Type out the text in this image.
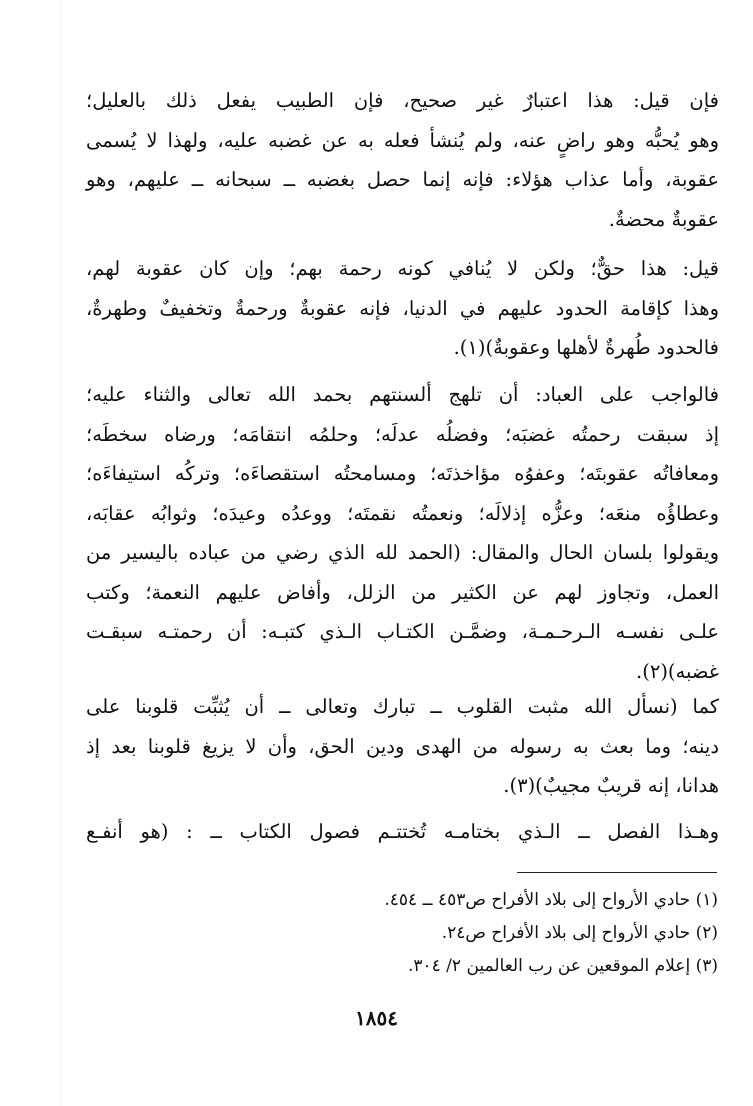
فإن قيل: هذا اعتبارٌ غير صحيح، فإن الطبيب يفعل ذلك بالعليل؛
وهو يُحبُّه وهو راضٍ عنه، ولم يُنشأ فعله به عن غضبه عليه، ولهذا لا يُسمى
عقوبة، وأما عذاب هؤلاء: فإنه إنما حصل بغضبه ــ سبحانه ــ عليهم، وهو
عقوبةٌ محضةٌ.
قيل: هذا حقٌّ؛ ولكن لا يُنافي كونه رحمة بهم؛ وإن كان عقوبة لهم،
وهذا كإقامة الحدود عليهم في الدنيا، فإنه عقوبةٌ ورحمةٌ وتخفيفٌ وطهرةٌ،
فالحدود طُهرةٌ لأهلها وعقوبةٌ)(١).
فالواجب على العباد: أن تلهج ألسنتهم بحمد الله تعالى والثناء عليه؛
إذ سبقت رحمتُه غضبَه؛ وفضلُه عدلَه؛ وحلمُه انتقامَه؛ ورضاه سخطَه؛
ومعافاتُه عقوبتَه؛ وعفوُه مؤاخذتَه؛ ومسامحتُه استقصاءَه؛ وتركُه استيفاءَه؛
وعطاؤُه منعَه؛ وعزُّه إذلالَه؛ ونعمتُه نقمتَه؛ ووعدُه وعيدَه؛ وثوابُه عقابَه،
ويقولوا بلسان الحال والمقال: (الحمد لله الذي رضي من عباده باليسير من
العمل، وتجاوز لهم عن الكثير من الزلل، وأفاض عليهم النعمة؛ وكتب
علـى نفسـه الـرحـمـة، وضمَّـن الكتـاب الـذي كتبـه: أن رحمتـه سبقـت
غضبه)(٢).
كما (نسأل الله مثبت القلوب ــ تبارك وتعالى ــ أن يُثبِّت قلوبنا على
دينه؛ وما بعث به رسوله من الهدى ودين الحق، وأن لا يزيغ قلوبنا بعد إذ
هدانا، إنه قريبٌ مجيبٌ)(٣).
وهـذا الفصل ــ الـذي بختامـه تُختتـم فصول الكتاب ــ : (هو أنفـع
(١) حادي الأرواح إلى بلاد الأفراح ص٤٥٣ ــ ٤٥٤.
(٢) حادي الأرواح إلى بلاد الأفراح ص٢٤.
(٣) إعلام الموقعين عن رب العالمين ٢/ ٣٠٤.
١٨٥٤
